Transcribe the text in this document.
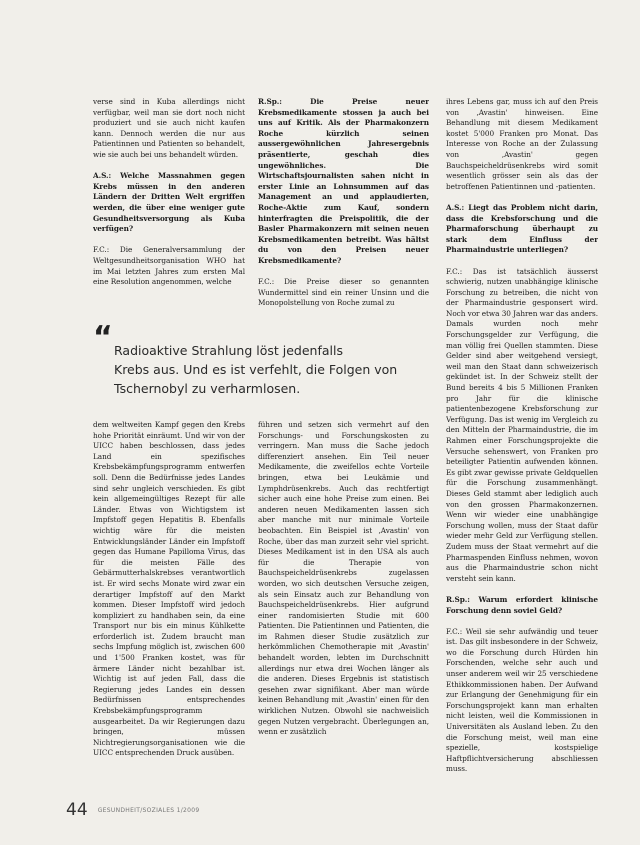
verse sind in Kuba allerdings nicht verfügbar, weil man sie dort noch nicht produziert und sie auch nicht kaufen kann. Dennoch werden die nur aus Patientinnen und Patienten so behandelt, wie sie auch bei uns behandelt würden.

A.S.: Welche Massnahmen gegen Krebs müssen in den anderen Ländern der Dritten Welt ergriffen werden, die über eine weniger gute Gesundheitsversorgung als Kuba verfügen?

F.C.: Die Generalversammlung der Weltgesundheitsorganisation WHO hat im Mai letzten Jahres zum ersten Mal eine Resolution angenommen, welche

R.Sp.: Die Preise neuer Krebsmedikamente stossen ja auch bei uns auf Kritik. Als der Pharmakonzern Roche kürzlich seinen aussergewöhnlichen Jahresergebnis präsentierte, geschah dies ungewöhnliches. Die Wirtschaftsjournalisten sahen nicht in erster Linie an Lohnsummen auf das Management an und applaudierten, Roche-Aktie zum Kauf, sondern hinterfragten die Preispolitik, die der Basler Pharmakonzern mit seinen neuen Krebsmedikamenten betreibt. Was hältst du von den Preisen neuer Krebsmedikamente?

F.C.: Die Preise dieser so genannten Wundermittel sind ein reiner Unsinn und die Monopolstellung von Roche zumal zu

ihres Lebens gar, muss ich auf den Preis von ‚Avastin' hinweisen. Eine Behandlung mit diesem Medikament kostet 5'000 Franken pro Monat. Das Interesse von Roche an der Zulassung von ‚Avastin' gegen Bauchspeicheldrüsenkrebs wird somit wesentlich grösser sein als das der betroffenen Patientinnen und -patienten.

A.S.: Liegt das Problem nicht darin, dass die Krebsforschung und die Pharmaforschung überhaupt zu stark dem Einfluss der Pharmaindustrie unterliegen?

F.C.: Das ist tatsächlich äusserst schwierig, nutzen unabhängige klinische Forschung zu betreiben, die nicht von der Pharmaindustrie gesponsert wird. Noch vor etwa 30 Jahren war das anders. Damals wurden noch mehr Forschungsgelder zur Verfügung, die man völlig frei Quellen stammten. Diese Gelder sind aber weitgehend versiegt, weil man den Staat dann schweizerisch gekündet ist. In der Schweiz stellt der Bund bereits 4 bis 5 Millionen Franken pro Jahr für die klinische patientenbezogene Krebsforschung zur Verfügung. Das ist wenig im Vergleich zu den Mitteln der Pharmaindustrie, die im Rahmen einer Forschungsprojekte die Versuche sehenswert, von Franken pro beteiligter Patientin aufwenden können. Es gibt zwar gewisse private Geldquellen für die Forschung zusammenhängt. Dieses Geld stammt aber lediglich auch von den grossen Pharmakonzernen. Wenn wir wieder eine unabhängige Forschung wollen, muss der Staat dafür wieder mehr Geld zur Verfügung stellen. Zudem muss der Staat vermehrt auf die Pharmaspenden Einfluss nehmen, wovon aus die Pharmaindustrie schon nicht versteht sein kann.

R.Sp.: Warum erfordert klinische Forschung denn soviel Geld?

F.C.: Weil sie sehr aufwändig und teuer ist. Das gilt insbesondere in der Schweiz, wo die Forschung durch Hürden hin Forschenden, welche sehr auch und unser anderem weil wir 25 verschiedene Ethikkommissionen haben. Der Aufwand zur Erlangung der Genehmigung für ein Forschungsprojekt kann man erhalten nicht leisten, weil die Kommissionen in Universitäten als Ausland leben. Zu den die Forschung meist, weil man eine spezielle, kostspielige Haftpflichtversicherung abschliessen muss.

“ Radioaktive Strahlung löst jedenfalls
Krebs aus. Und es ist verfehlt, die Folgen von
Tschernobyl zu verharmlosen.

dem weltweiten Kampf gegen den Krebs hohe Priorität einräumt. Und wir von der UICC haben beschlossen, dass jedes Land ein spezifisches Krebsbekämpfungsprogramm entwerfen soll. Denn die Bedürfnisse jedes Landes sind sehr ungleich verschieden. Es gibt kein allgemeingültiges Rezept für alle Länder. Etwas von Wichtigstem ist Impfstoff gegen Hepatitis B. Ebenfalls wichtig wäre für die meisten Entwicklungsländer Länder ein Impfstoff gegen das Humane Papilloma Virus, das für die meisten Fälle des Gebärmutterhalskrebses verantwortlich ist. Er wird sechs Monate wird zwar ein derartiger Impfstoff auf den Markt kommen. Dieser Impfstoff wird jedoch kompliziert zu handhaben sein, da eine Transport nur bis ein minus Kühlkette erforderlich ist. Zudem braucht man sechs Impfung möglich ist, zwischen 600 und 1'500 Franken kostet, was für ärmere Länder nicht bezahlbar ist. Wichtig ist auf jeden Fall, dass die Regierung jedes Landes ein dessen Bedürfnissen entsprechendes Krebsbekämpfungsprogramm ausgearbeitet. Da wir Regierungen dazu bringen, müssen Nichtregierungsorganisationen wie die UICC entsprechenden Druck ausüben.

führen und setzen sich vermehrt auf den Forschungs- und Forschungskosten zu verringern. Man muss die Sache jedoch differenziert ansehen. Ein Teil neuer Medikamente, die zweifellos echte Vorteile bringen, etwa bei Leukämie und Lymphdrüsenkrebs. Auch das rechtfertigt sicher auch eine hohe Preise zum einen. Bei anderen neuen Medikamenten lassen sich aber manche mit nur minimale Vorteile beobachten. Ein Beispiel ist ‚Avastin' von Roche, über das man zurzeit sehr viel spricht. Dieses Medikament ist in den USA als auch für die Therapie von Bauchspeicheldrüsenkrebs zugelassen worden, wo sich deutschen Versuche zeigen, als sein Einsatz auch zur Behandlung von Bauchspeicheldrüsenkrebs. Hier aufgrund einer randomisierten Studie mit 600 Patienten. Die Patientinnen und Patienten, die im Rahmen dieser Studie zusätzlich zur herkömmlichen Chemotherapie mit ‚Avastin' behandelt worden, lebten im Durchschnitt allerdings nur etwa drei Wochen länger als die anderen. Dieses Ergebnis ist statistisch gesehen zwar signifikant. Aber man würde keinen Behandlung mit ‚Avastin' einen für den wirklichen Nutzen. Obwohl sie nachweislich gegen Nutzen vergebracht. Überlegungen an, wenn er zusätzlich

44 GESUNDHEIT/SOZIALES 1/2009
